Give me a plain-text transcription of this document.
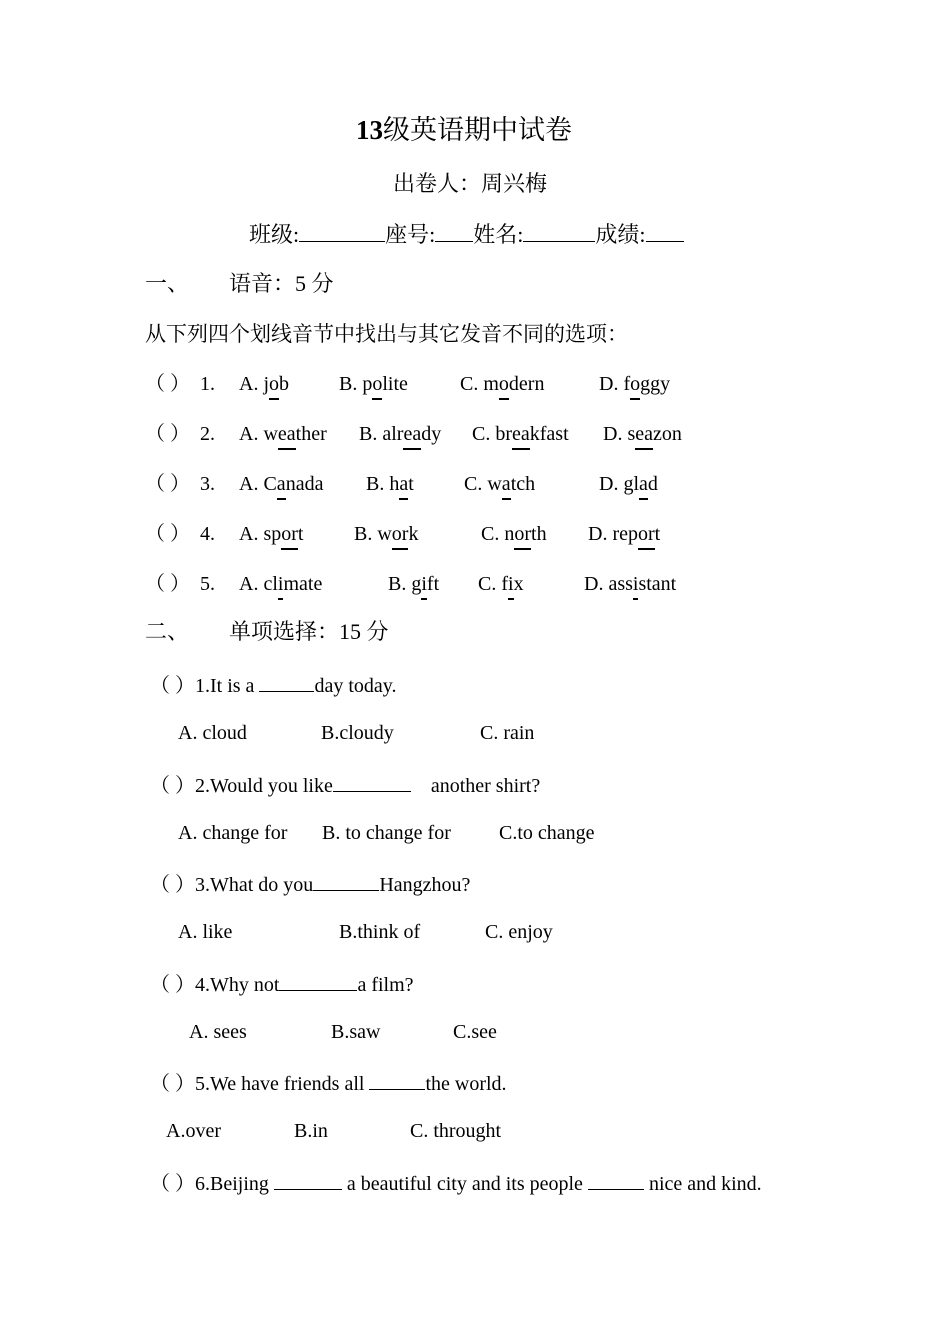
13级英语期中试卷
出卷人：周兴梅
班级:	座号: 姓名:	成绩:
一、 语音：5 分
从下列四个划线音节中找出与其它发音不同的选项：
（ ） 1. A. job	B. polite	C. modern	D. foggy
（ ） 2. A. weather B. already C. breakfast D. seazon
（ ） 3. A. Canada B. hat	C. watch	D. glad
（ ） 4. A. sport	B. work	C. north D. report
（ ） 5. A. climate	B. gift C. fix	D. assistant
二、 单项选择：15 分
（ ）1.It is a	day today.
A. cloud	B.cloudy	C. rain
（ ）2.Would you like	another shirt?
A. change for B. to change for C.to change
（ ）3.What do you	Hangzhou?
A. like	B.think of	C. enjoy
（ ）4.Why not	a film?
A. sees	B.saw	C.see
（ ）5.We have friends all	the world.
A.over	B.in	C. throught
（ ）6.Beijing	a beautiful city and its people	nice and kind.
